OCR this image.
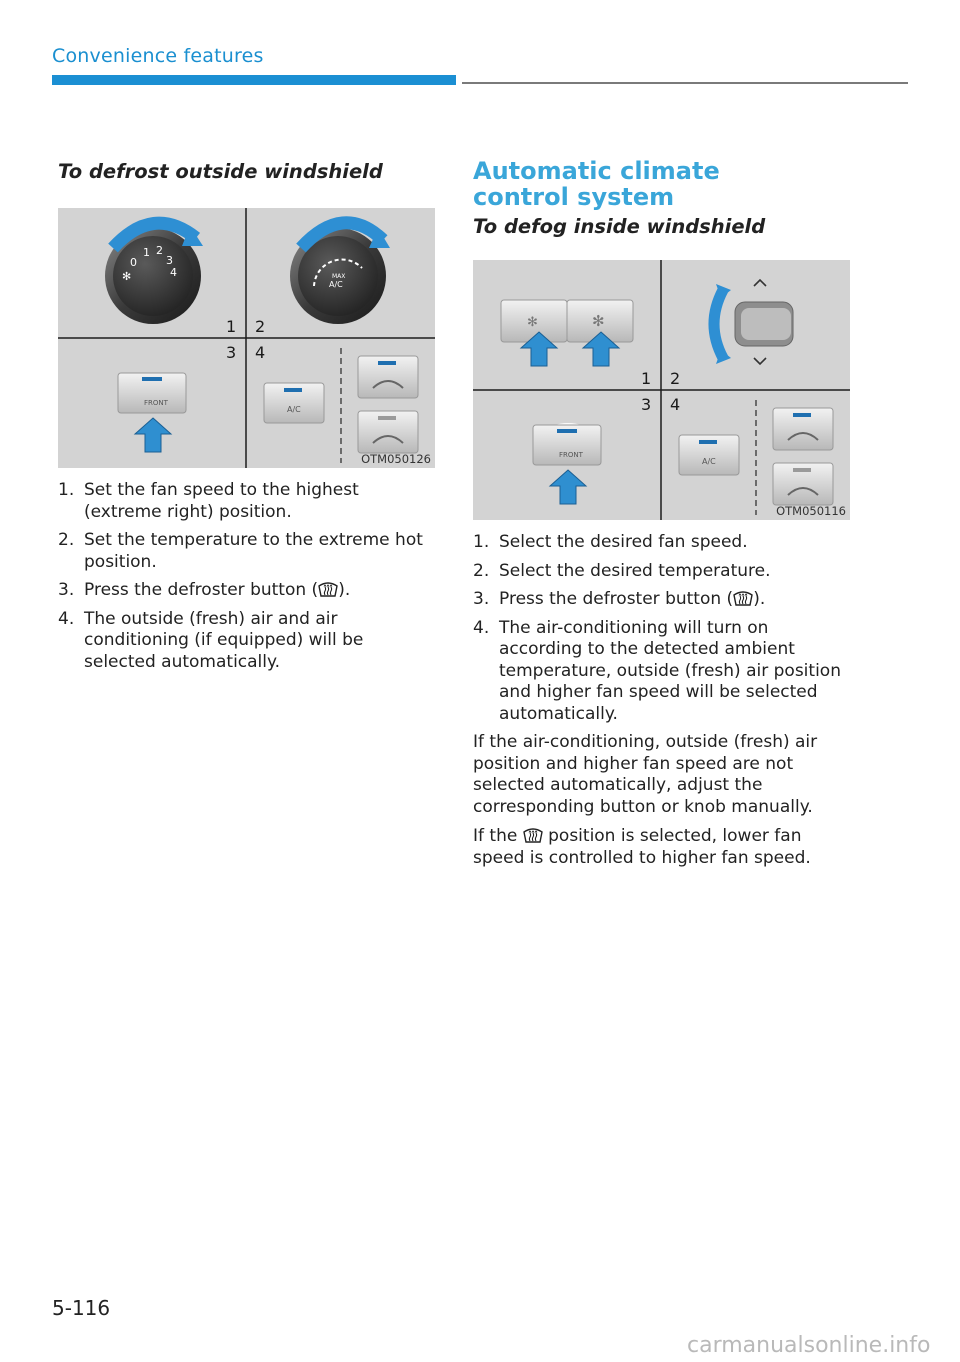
Convenience features
To defrost outside windshield
0
1 2
3
4
✻	MAX
A/C
1 2
3 4
FRONT
A/C
OTM050126
1. Set the fan speed to the highest (extreme right) position.
2. Set the temperature to the extreme hot position.
3. Press the defroster button ( ).
4. The outside (fresh) air and air conditioning (if equipped) will be selected automatically.
Automatic climate control system
To defog inside windshield
✻	✻
1 2
3 4
FRONT
A/C
OTM050116
1. Select the desired fan speed.
2. Select the desired temperature.
3. Press the defroster button ( ).
4. The air-conditioning will turn on according to the detected ambient temperature, outside (fresh) air position and higher fan speed will be selected automatically.

If the air-conditioning, outside (fresh) air position and higher fan speed are not selected automatically, adjust the corresponding button or knob manually.

If the position is selected, lower fan speed is controlled to higher fan speed.

5-116
carmanualsonline.info
